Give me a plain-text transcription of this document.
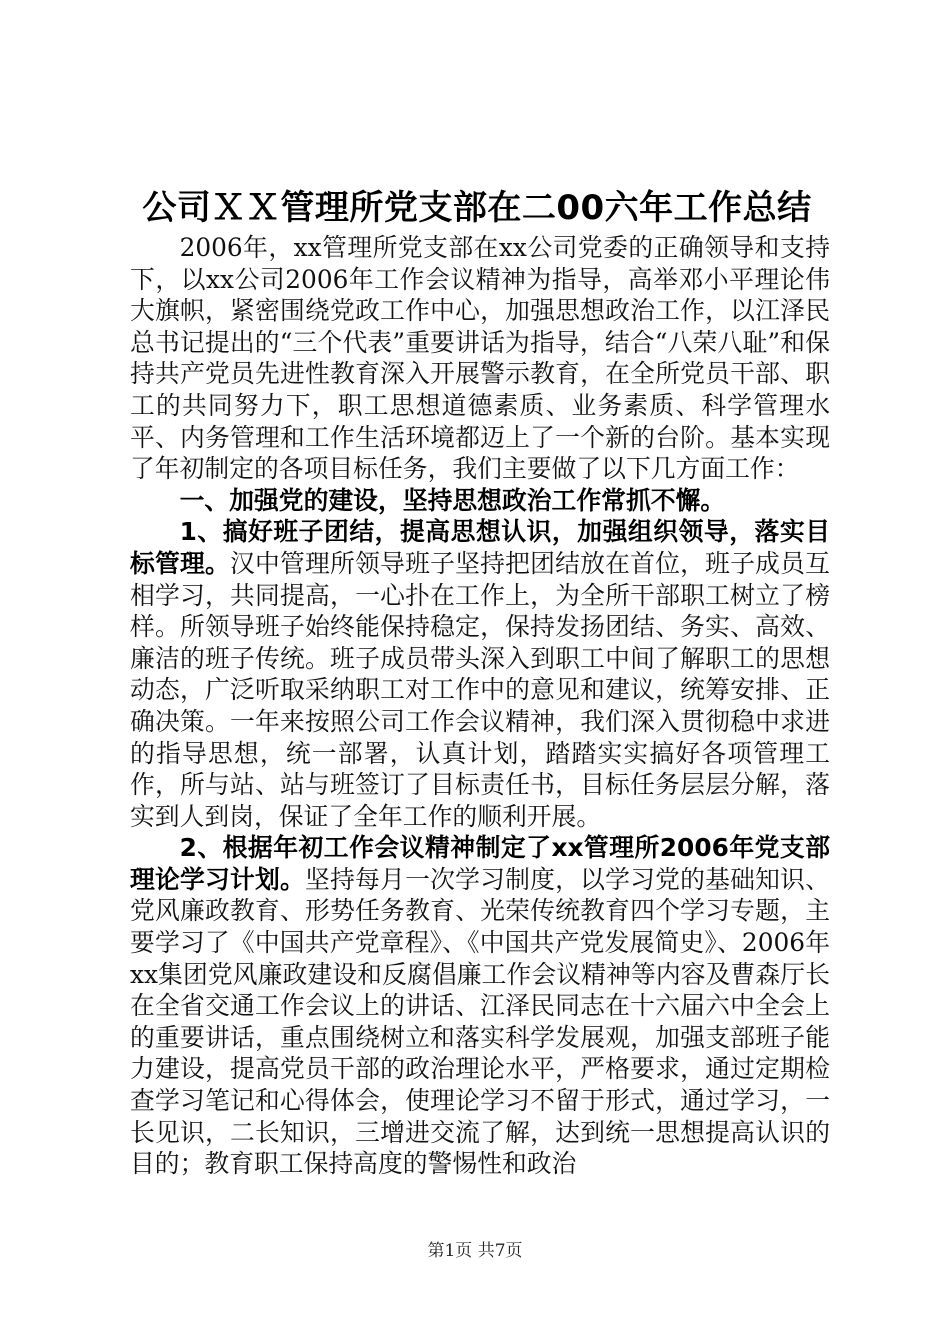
公司ＸＸ管理所党支部在二00六年工作总结

2006年，xx管理所党支部在xx公司党委的正确领导和支持下，以xx公司2006年工作会议精神为指导，高举邓小平理论伟大旗帜，紧密围绕党政工作中心，加强思想政治工作，以江泽民总书记提出的“三个代表”重要讲话为指导，结合“八荣八耻”和保持共产党员先进性教育深入开展警示教育，在全所党员干部、职工的共同努力下，职工思想道德素质、业务素质、科学管理水平、内务管理和工作生活环境都迈上了一个新的台阶。基本实现了年初制定的各项目标任务，我们主要做了以下几方面工作：

一、加强党的建设，坚持思想政治工作常抓不懈。

1、搞好班子团结，提高思想认识，加强组织领导，落实目标管理。汉中管理所领导班子坚持把团结放在首位，班子成员互相学习，共同提高，一心扑在工作上，为全所干部职工树立了榜样。所领导班子始终能保持稳定，保持发扬团结、务实、高效、廉洁的班子传统。班子成员带头深入到职工中间了解职工的思想动态，广泛听取采纳职工对工作中的意见和建议，统筹安排、正确决策。一年来按照公司工作会议精神，我们深入贯彻稳中求进的指导思想，统一部署，认真计划，踏踏实实搞好各项管理工作，所与站、站与班签订了目标责任书，目标任务层层分解，落实到人到岗，保证了全年工作的顺利开展。

2、根据年初工作会议精神制定了xx管理所2006年党支部理论学习计划。坚持每月一次学习制度，以学习党的基础知识、党风廉政教育、形势任务教育、光荣传统教育四个学习专题，主要学习了《中国共产党章程》、《中国共产党发展简史》、2006年xx集团党风廉政建设和反腐倡廉工作会议精神等内容及曹森厅长在全省交通工作会议上的讲话、江泽民同志在十六届六中全会上的重要讲话，重点围绕树立和落实科学发展观，加强支部班子能力建设，提高党员干部的政治理论水平，严格要求，通过定期检查学习笔记和心得体会，使理论学习不留于形式，通过学习，一长见识，二长知识，三增进交流了解，达到统一思想提高认识的目的；教育职工保持高度的警惕性和政治

第1页 共7页
